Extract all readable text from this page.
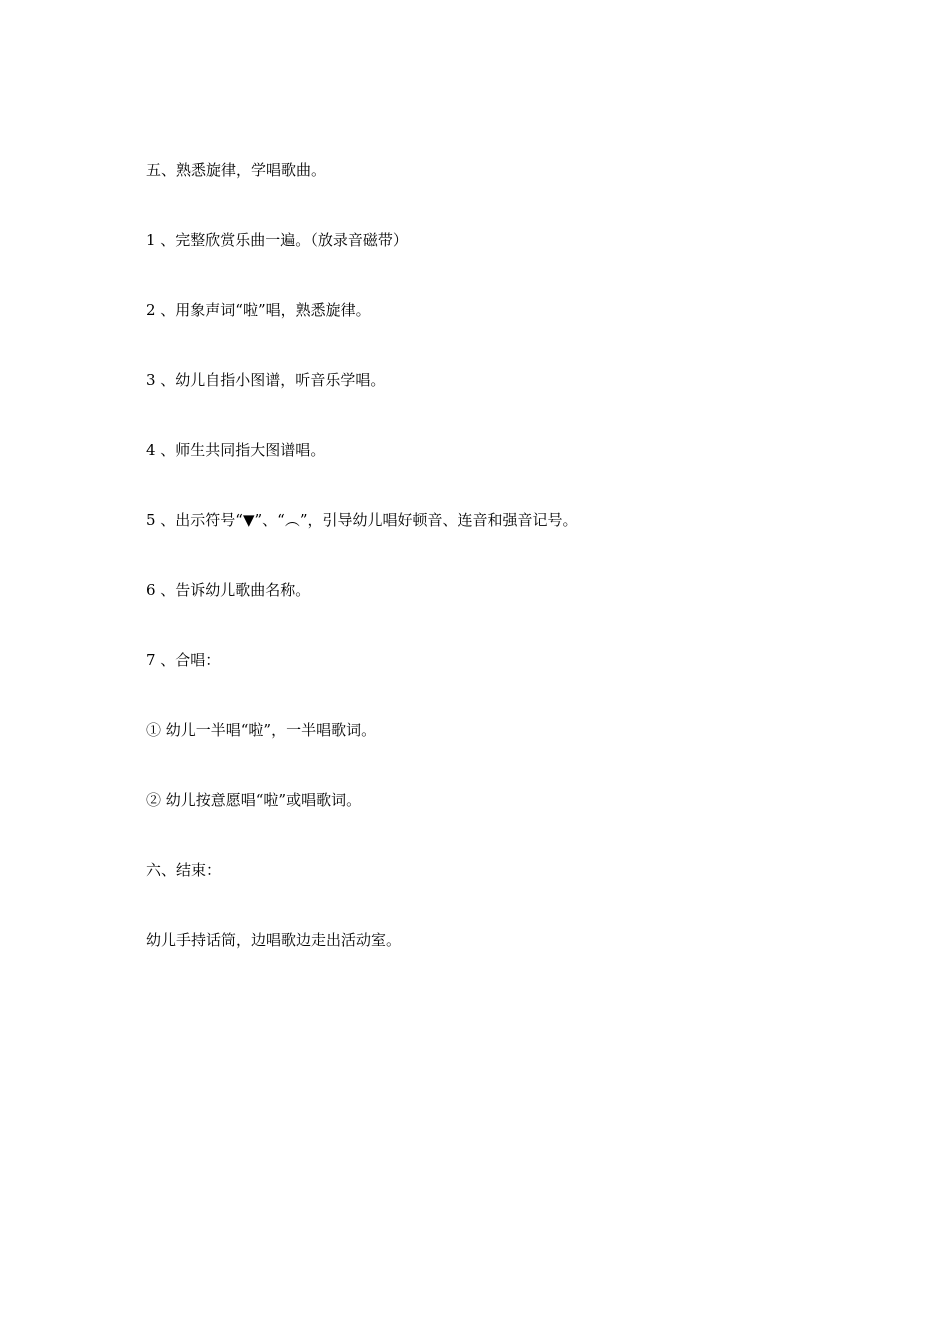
五、熟悉旋律，学唱歌曲。
1 、完整欣赏乐曲一遍。（放录音磁带）
2 、用象声词“啦”唱，熟悉旋律。
3 、幼儿自指小图谱，听音乐学唱。
4 、师生共同指大图谱唱。
5 、出示符号“▼”、“︵”，引导幼儿唱好顿音、连音和强音记号。
6 、告诉幼儿歌曲名称。
7 、合唱：
① 幼儿一半唱“啦”，一半唱歌词。
② 幼儿按意愿唱“啦”或唱歌词。
六、结束：
幼儿手持话筒，边唱歌边走出活动室。
